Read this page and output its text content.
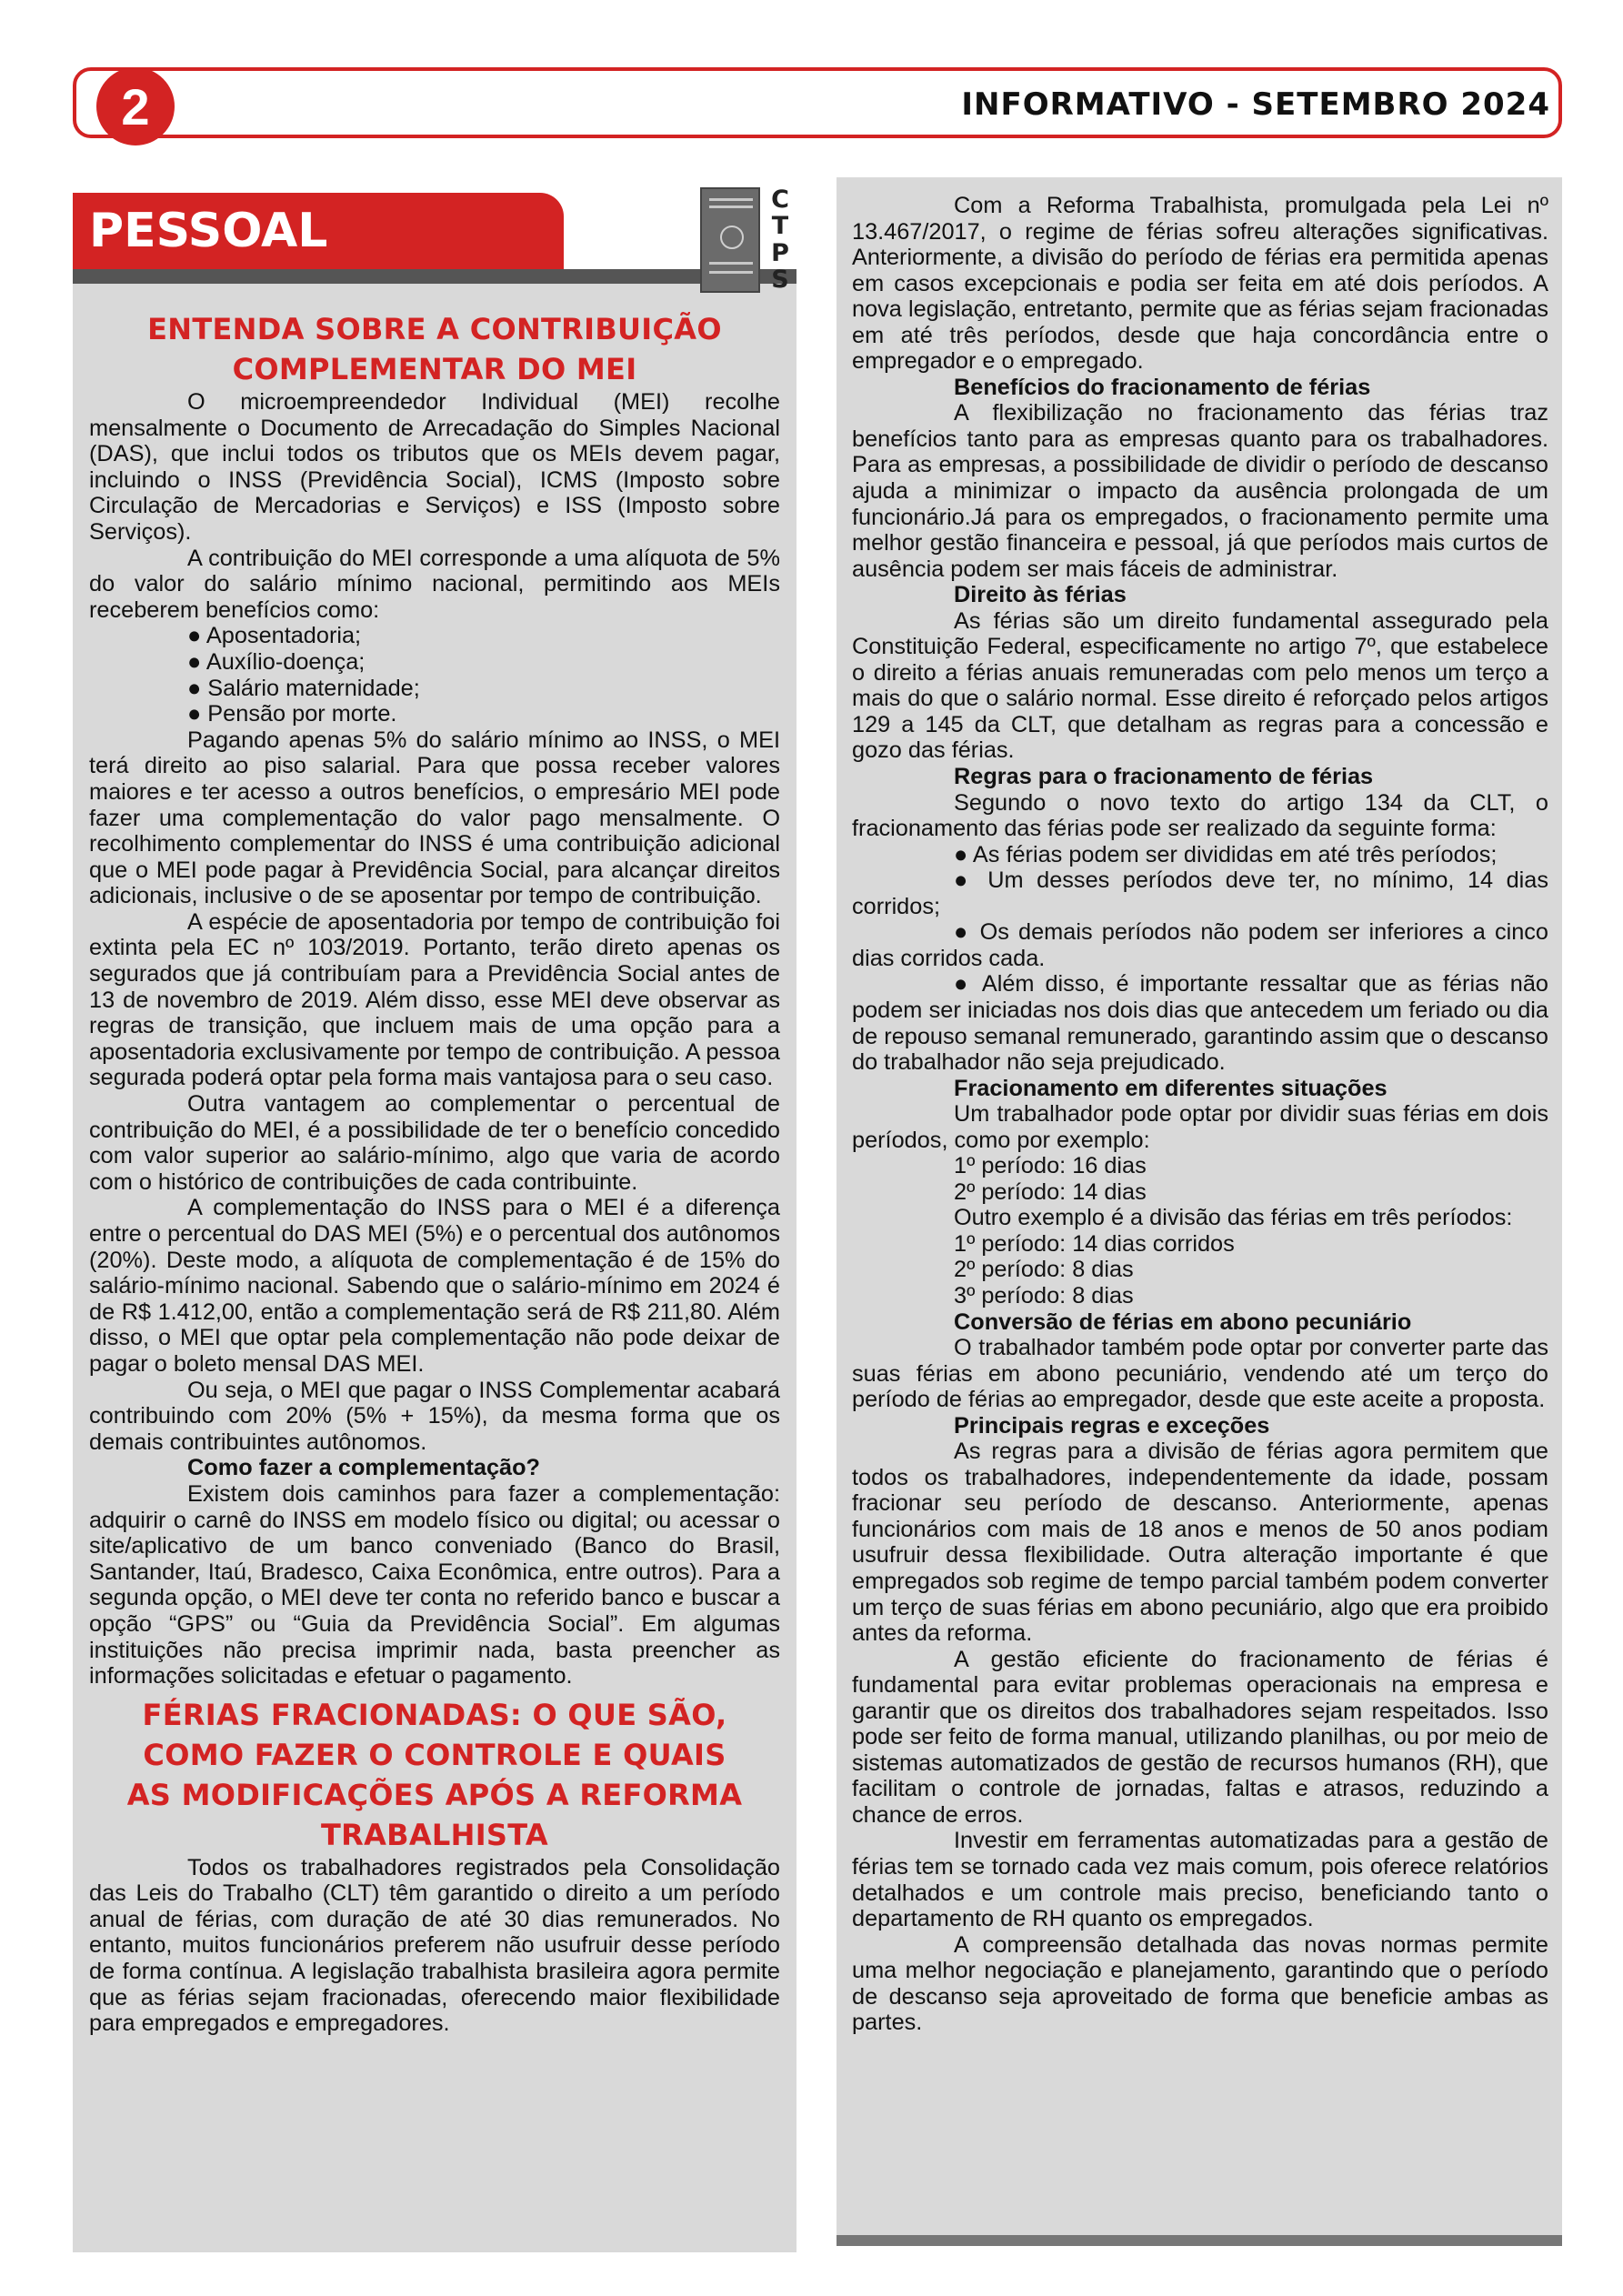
2	INFORMATIVO - SETEMBRO 2024
PESSOAL
C
T
P
S
ENTENDA SOBRE A CONTRIBUIÇÃO
COMPLEMENTAR DO MEI

O microempreendedor Individual (MEI) recolhe mensalmente o Documento de Arrecadação do Simples Nacional (DAS), que inclui todos os tributos que os MEIs devem pagar, incluindo o INSS (Previdência Social), ICMS (Imposto sobre Circulação de Mercadorias e Serviços) e ISS (Imposto sobre Serviços).

A contribuição do MEI corresponde a uma alíquota de 5% do valor do salário mínimo nacional, permitindo aos MEIs receberem benefícios como:

● Aposentadoria;

● Auxílio-doença;

● Salário maternidade;

● Pensão por morte.

Pagando apenas 5% do salário mínimo ao INSS, o MEI terá direito ao piso salarial. Para que possa receber valores maiores e ter acesso a outros benefícios, o empresário MEI pode fazer uma complementação do valor pago mensalmente. O recolhimento complementar do INSS é uma contribuição adicional que o MEI pode pagar à Previdência Social, para alcançar direitos adicionais, inclusive o de se aposentar por tempo de contribuição.

A espécie de aposentadoria por tempo de contribuição foi extinta pela EC nº 103/2019. Portanto, terão direto apenas os segurados que já contribuíam para a Previdência Social antes de 13 de novembro de 2019. Além disso, esse MEI deve observar as regras de transição, que incluem mais de uma opção para a aposentadoria exclusivamente por tempo de contribuição. A pessoa segurada poderá optar pela forma mais vantajosa para o seu caso.

Outra vantagem ao complementar o percentual de contribuição do MEI, é a possibilidade de ter o benefício concedido com valor superior ao salário-mínimo, algo que varia de acordo com o histórico de contribuições de cada contribuinte.

A complementação do INSS para o MEI é a diferença entre o percentual do DAS MEI (5%) e o percentual dos autônomos (20%). Deste modo, a alíquota de complementação é de 15% do salário-mínimo nacional. Sabendo que o salário-mínimo em 2024 é de R$ 1.412,00, então a complementação será de R$ 211,80. Além disso, o MEI que optar pela complementação não pode deixar de pagar o boleto mensal DAS MEI.

Ou seja, o MEI que pagar o INSS Complementar acabará contribuindo com 20% (5% + 15%), da mesma forma que os demais contribuintes autônomos.

Como fazer a complementação?

Existem dois caminhos para fazer a complementação: adquirir o carnê do INSS em modelo físico ou digital; ou acessar o site/aplicativo de um banco conveniado (Banco do Brasil, Santander, Itaú, Bradesco, Caixa Econômica, entre outros). Para a segunda opção, o MEI deve ter conta no referido banco e buscar a opção “GPS” ou “Guia da Previdência Social”. Em algumas instituições não precisa imprimir nada, basta preencher as informações solicitadas e efetuar o pagamento.

FÉRIAS FRACIONADAS: O QUE SÃO,
COMO FAZER O CONTROLE E QUAIS
AS MODIFICAÇÕES APÓS A REFORMA
TRABALHISTA

Todos os trabalhadores registrados pela Consolidação das Leis do Trabalho (CLT) têm garantido o direito a um período anual de férias, com duração de até 30 dias remunerados. No entanto, muitos funcionários preferem não usufruir desse período de forma contínua. A legislação trabalhista brasileira agora permite que as férias sejam fracionadas, oferecendo maior flexibilidade para empregados e empregadores.

Com a Reforma Trabalhista, promulgada pela Lei nº 13.467/2017, o regime de férias sofreu alterações significativas. Anteriormente, a divisão do período de férias era permitida apenas em casos excepcionais e podia ser feita em até dois períodos. A nova legislação, entretanto, permite que as férias sejam fracionadas em até três períodos, desde que haja concordância entre o empregador e o empregado.

Benefícios do fracionamento de férias

A flexibilização no fracionamento das férias traz benefícios tanto para as empresas quanto para os trabalhadores. Para as empresas, a possibilidade de dividir o período de descanso ajuda a minimizar o impacto da ausência prolongada de um funcionário.Já para os empregados, o fracionamento permite uma melhor gestão financeira e pessoal, já que períodos mais curtos de ausência podem ser mais fáceis de administrar.

Direito às férias

As férias são um direito fundamental assegurado pela Constituição Federal, especificamente no artigo 7º, que estabelece o direito a férias anuais remuneradas com pelo menos um terço a mais do que o salário normal. Esse direito é reforçado pelos artigos 129 a 145 da CLT, que detalham as regras para a concessão e gozo das férias.

Regras para o fracionamento de férias

Segundo o novo texto do artigo 134 da CLT, o fracionamento das férias pode ser realizado da seguinte forma:

● As férias podem ser divididas em até três períodos;

● Um desses períodos deve ter, no mínimo, 14 dias corridos;

● Os demais períodos não podem ser inferiores a cinco dias corridos cada.

● Além disso, é importante ressaltar que as férias não podem ser iniciadas nos dois dias que antecedem um feriado ou dia de repouso semanal remunerado, garantindo assim que o descanso do trabalhador não seja prejudicado.

Fracionamento em diferentes situações

Um trabalhador pode optar por dividir suas férias em dois períodos, como por exemplo:

1º período: 16 dias

2º período: 14 dias

Outro exemplo é a divisão das férias em três períodos:

1º período: 14 dias corridos

2º período: 8 dias

3º período: 8 dias

Conversão de férias em abono pecuniário

O trabalhador também pode optar por converter parte das suas férias em abono pecuniário, vendendo até um terço do período de férias ao empregador, desde que este aceite a proposta.

Principais regras e exceções

As regras para a divisão de férias agora permitem que todos os trabalhadores, independentemente da idade, possam fracionar seu período de descanso. Anteriormente, apenas funcionários com mais de 18 anos e menos de 50 anos podiam usufruir dessa flexibilidade. Outra alteração importante é que empregados sob regime de tempo parcial também podem converter um terço de suas férias em abono pecuniário, algo que era proibido antes da reforma.

A gestão eficiente do fracionamento de férias é fundamental para evitar problemas operacionais na empresa e garantir que os direitos dos trabalhadores sejam respeitados. Isso pode ser feito de forma manual, utilizando planilhas, ou por meio de sistemas automatizados de gestão de recursos humanos (RH), que facilitam o controle de jornadas, faltas e atrasos, reduzindo a chance de erros.

Investir em ferramentas automatizadas para a gestão de férias tem se tornado cada vez mais comum, pois oferece relatórios detalhados e um controle mais preciso, beneficiando tanto o departamento de RH quanto os empregados.

A compreensão detalhada das novas normas permite uma melhor negociação e planejamento, garantindo que o período de descanso seja aproveitado de forma que beneficie ambas as partes.
